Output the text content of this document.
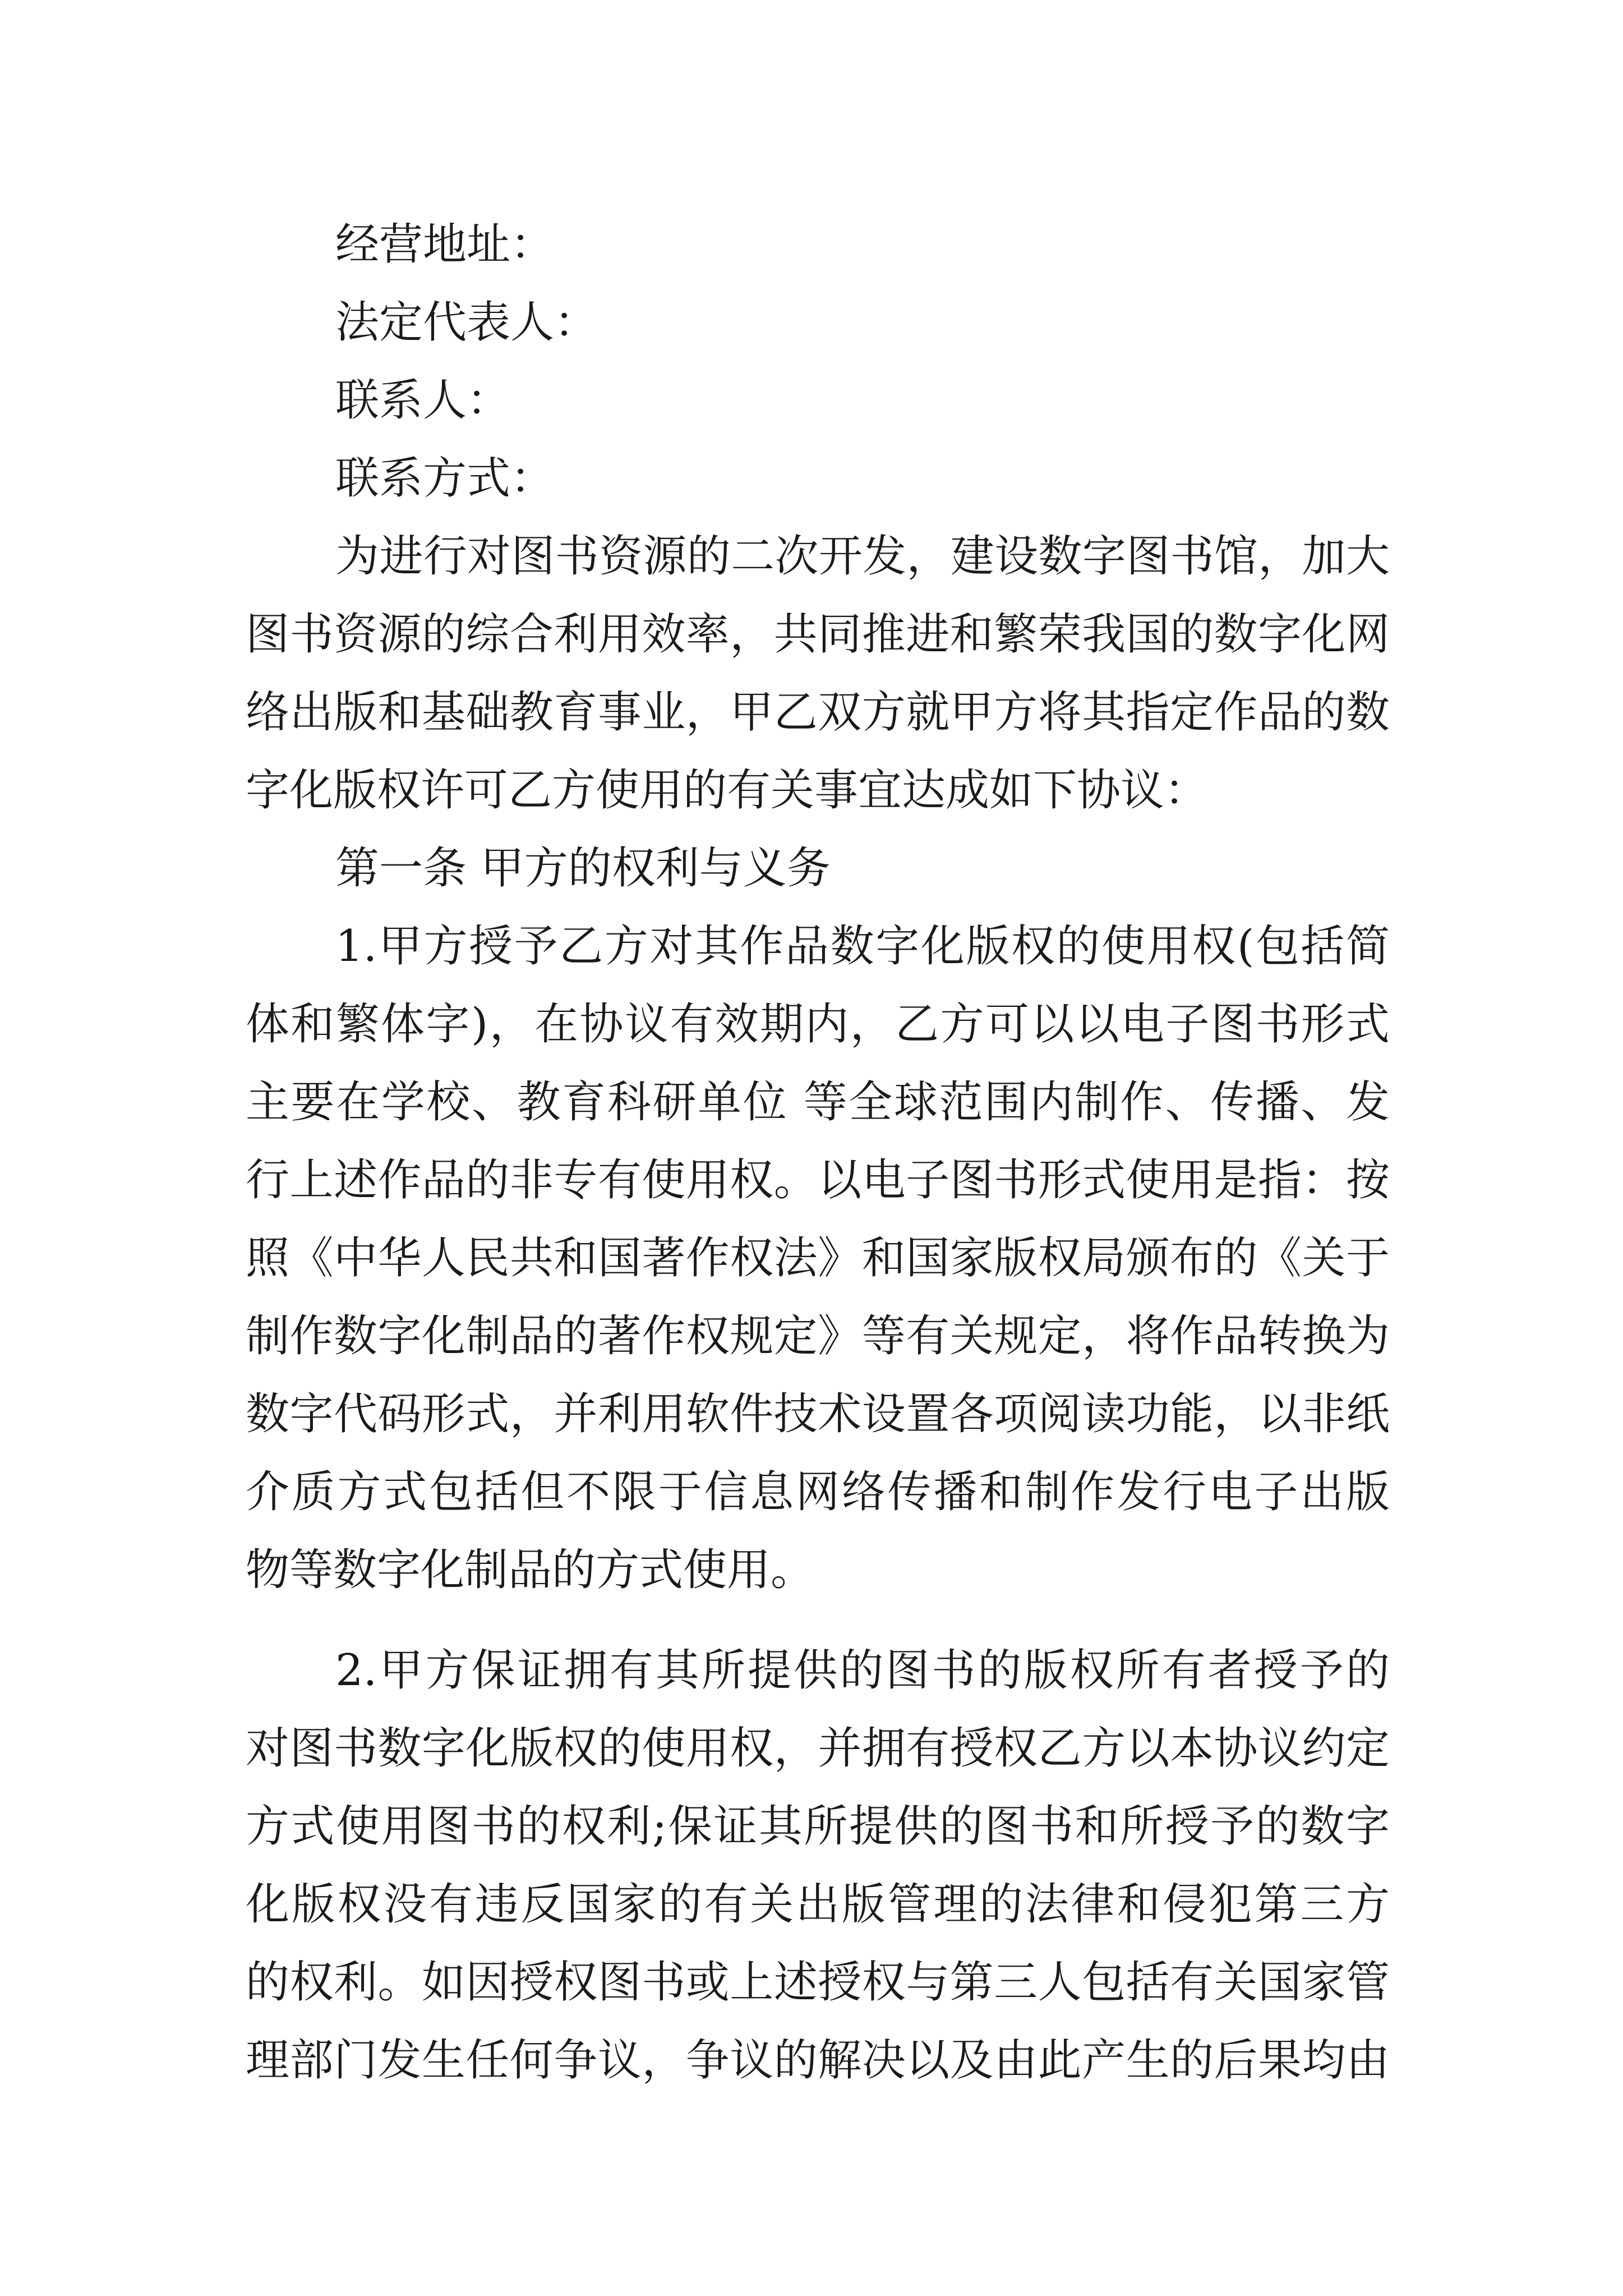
经营地址：
法定代表人：
联系人：
联系方式：
为进行对图书资源的二次开发，建设数字图书馆，加大
图书资源的综合利用效率，共同推进和繁荣我国的数字化网
络出版和基础教育事业，甲乙双方就甲方将其指定作品的数
字化版权许可乙方使用的有关事宜达成如下协议：
第一条 甲方的权利与义务
1.甲方授予乙方对其作品数字化版权的使用权(包括简
体和繁体字)，在协议有效期内，乙方可以以电子图书形式
主要在学校、教育科研单位 等全球范围内制作、传播、发
行上述作品的非专有使用权。以电子图书形式使用是指：按
照《中华人民共和国著作权法》和国家版权局颁布的《关于
制作数字化制品的著作权规定》等有关规定，将作品转换为
数字代码形式，并利用软件技术设置各项阅读功能，以非纸
介质方式包括但不限于信息网络传播和制作发行电子出版
物等数字化制品的方式使用。
2.甲方保证拥有其所提供的图书的版权所有者授予的
对图书数字化版权的使用权，并拥有授权乙方以本协议约定
方式使用图书的权利;保证其所提供的图书和所授予的数字
化版权没有违反国家的有关出版管理的法律和侵犯第三方
的权利。如因授权图书或上述授权与第三人包括有关国家管
理部门发生任何争议，争议的解决以及由此产生的后果均由
